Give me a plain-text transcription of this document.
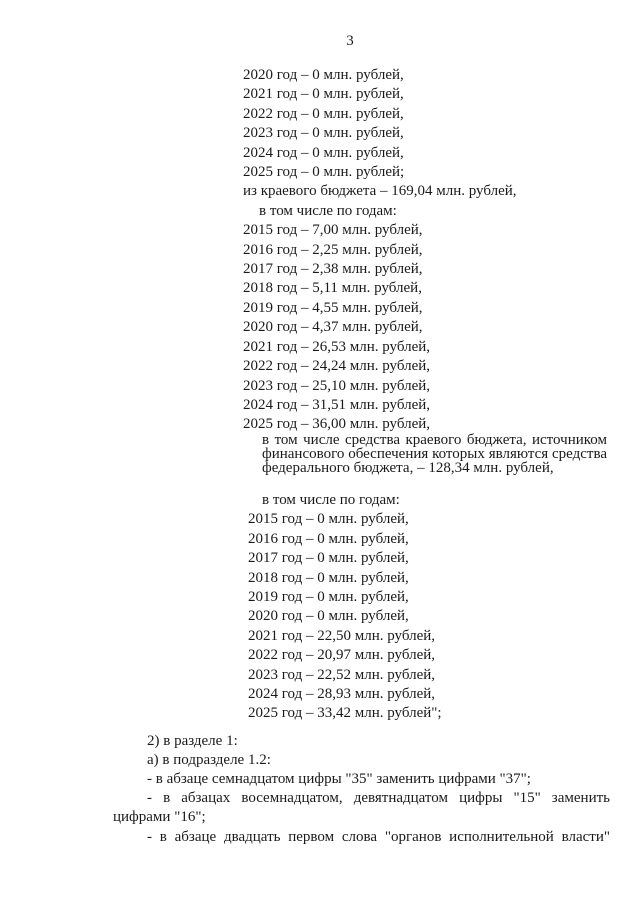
3
2020 год – 0 млн. рублей,
2021 год – 0 млн. рублей,
2022 год – 0 млн. рублей,
2023 год – 0 млн. рублей,
2024 год – 0 млн. рублей,
2025 год – 0 млн. рублей;
из краевого бюджета – 169,04 млн. рублей,
в том числе по годам:
2015 год – 7,00 млн. рублей,
2016 год – 2,25 млн. рублей,
2017 год – 2,38 млн. рублей,
2018 год – 5,11 млн. рублей,
2019 год – 4,55 млн. рублей,
2020 год – 4,37 млн. рублей,
2021 год – 26,53 млн. рублей,
2022 год – 24,24 млн. рублей,
2023 год – 25,10 млн. рублей,
2024 год – 31,51 млн. рублей,
2025 год – 36,00 млн. рублей,
в том числе средства краевого бюджета, источником финансового обеспечения которых являются средства федерального бюджета, – 128,34 млн. рублей,
в том числе по годам:
2015 год – 0 млн. рублей,
2016 год – 0 млн. рублей,
2017 год – 0 млн. рублей,
2018 год – 0 млн. рублей,
2019 год – 0 млн. рублей,
2020 год – 0 млн. рублей,
2021 год – 22,50 млн. рублей,
2022 год – 20,97 млн. рублей,
2023 год – 22,52 млн. рублей,
2024 год – 28,93 млн. рублей,
2025 год – 33,42 млн. рублей";
2) в разделе 1:
а) в подразделе 1.2:
- в абзаце семнадцатом цифры "35" заменить цифрами "37";
- в абзацах восемнадцатом, девятнадцатом цифры "15" заменить цифрами "16";
- в абзаце двадцать первом слова "органов исполнительной власти"
